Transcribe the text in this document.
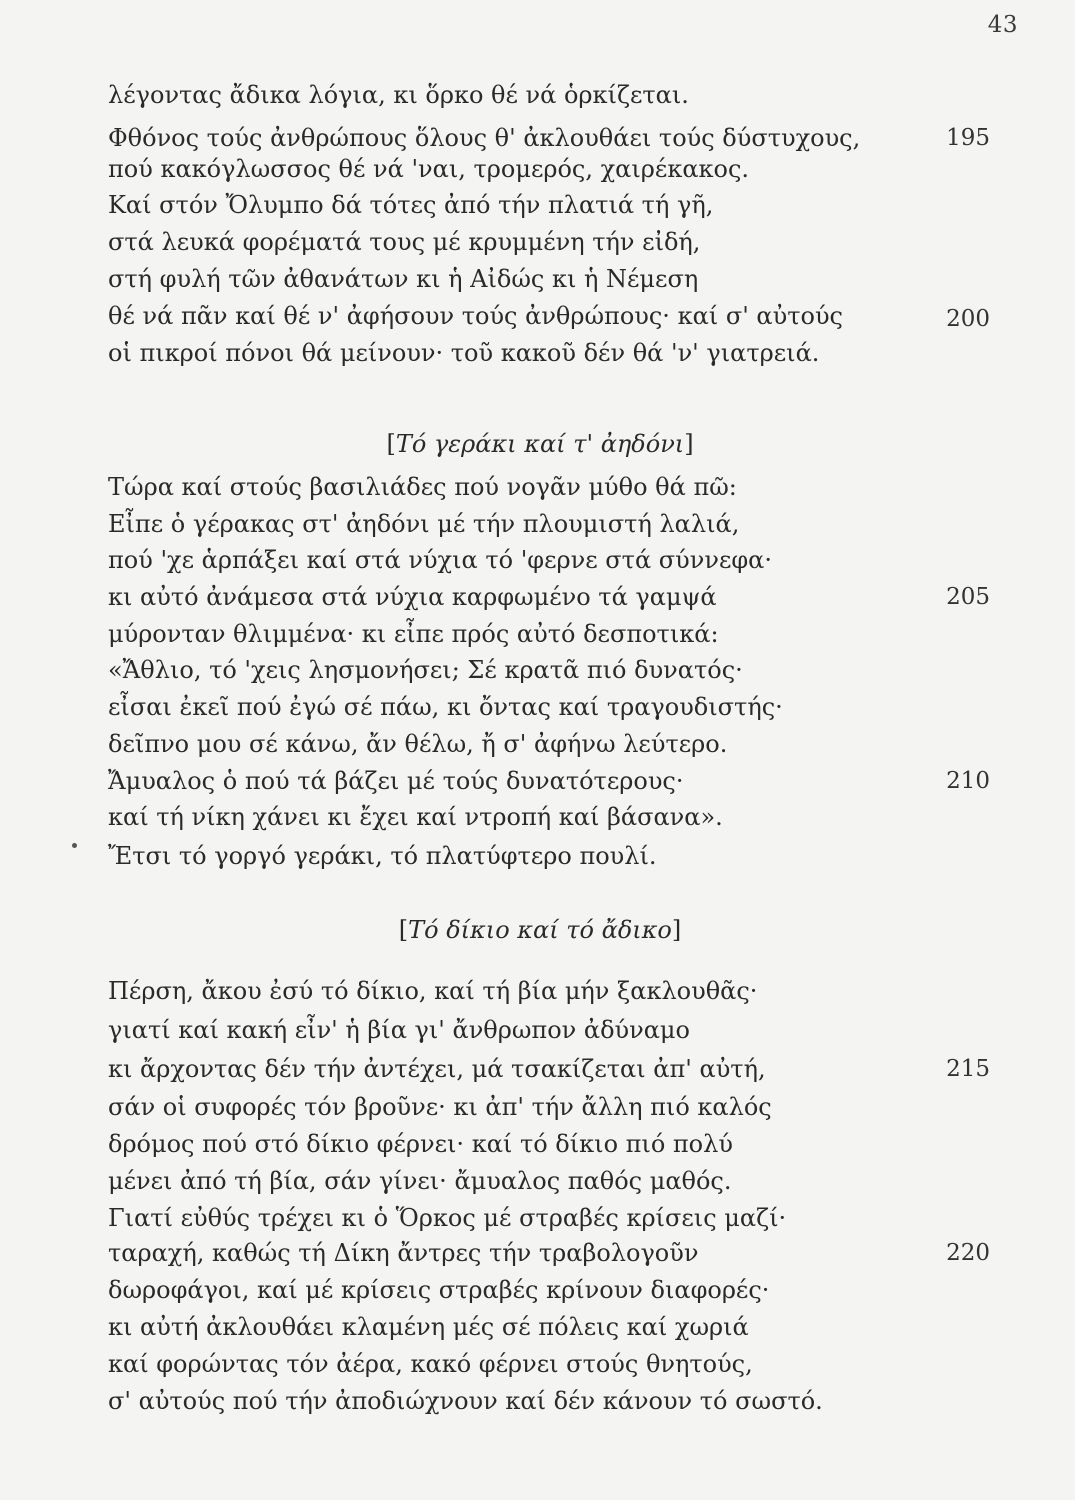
43
λέγοντας ἄδικα λόγια, κι ὅρκο θέ νά ὁρκίζεται.
Φθόνος τούς ἀνθρώπους ὅλους θ' ἀκλουθάει τούς δύστυχους,	195
πού κακόγλωσσος θέ νά 'ναι, τρομερός, χαιρέκακος.
Καί στόν Ὄλυμπο δά τότες ἀπό τήν πλατιά τή γῆ,
στά λευκά φορέματά τους μέ κρυμμένη τήν εἰδή,
στή φυλή τῶν ἀθανάτων κι ἡ Αἰδώς κι ἡ Νέμεση
θέ νά πᾶν καί θέ ν' ἀφήσουν τούς ἀνθρώπους· καί σ' αὐτούς	200
οἱ πικροί πόνοι θά μείνουν· τοῦ κακοῦ δέν θά 'ν' γιατρειά.
[Τό γεράκι καί τ' ἀηδόνι]
Τώρα καί στούς βασιλιάδες πού νογᾶν μύθο θά πῶ:
Εἶπε ὁ γέρακας στ' ἀηδόνι μέ τήν πλουμιστή λαλιά,
πού 'χε ἁρπάξει καί στά νύχια τό 'φερνε στά σύννεφα·
κι αὐτό ἀνάμεσα στά νύχια καρφωμένο τά γαμψά	205
μύρονταν θλιμμένα· κι εἶπε πρός αὐτό δεσποτικά:
«Ἄθλιο, τό 'χεις λησμονήσει; Σέ κρατᾶ πιό δυνατός·
εἶσαι ἐκεῖ πού ἐγώ σέ πάω, κι ὄντας καί τραγουδιστής·
δεῖπνο μου σέ κάνω, ἄν θέλω, ἤ σ' ἀφήνω λεύτερο.
Ἄμυαλος ὁ πού τά βάζει μέ τούς δυνατότερους·	210
καί τή νίκη χάνει κι ἔχει καί ντροπή καί βάσανα».
Ἔτσι τό γοργό γεράκι, τό πλατύφτερο πουλί.
[Τό δίκιο καί τό ἄδικο]
Πέρση, ἄκου ἐσύ τό δίκιο, καί τή βία μήν ξακλουθᾶς·
γιατί καί κακή εἶν' ἡ βία γι' ἄνθρωπον ἀδύναμο
κι ἄρχοντας δέν τήν ἀντέχει, μά τσακίζεται ἀπ' αὐτή,	215
σάν οἱ συφορές τόν βροῦνε· κι ἀπ' τήν ἄλλη πιό καλός
δρόμος πού στό δίκιο φέρνει· καί τό δίκιο πιό πολύ
μένει ἀπό τή βία, σάν γίνει· ἄμυαλος παθός μαθός.
Γιατί εὐθύς τρέχει κι ὁ Ὅρκος μέ στραβές κρίσεις μαζί·
ταραχή, καθώς τή Δίκη ἄντρες τήν τραβολογοῦν	220
δωροφάγοι, καί μέ κρίσεις στραβές κρίνουν διαφορές·
κι αὐτή ἀκλουθάει κλαμένη μές σέ πόλεις καί χωριά
καί φορώντας τόν ἀέρα, κακό φέρνει στούς θνητούς,
σ' αὐτούς πού τήν ἀποδιώχνουν καί δέν κάνουν τό σωστό.
